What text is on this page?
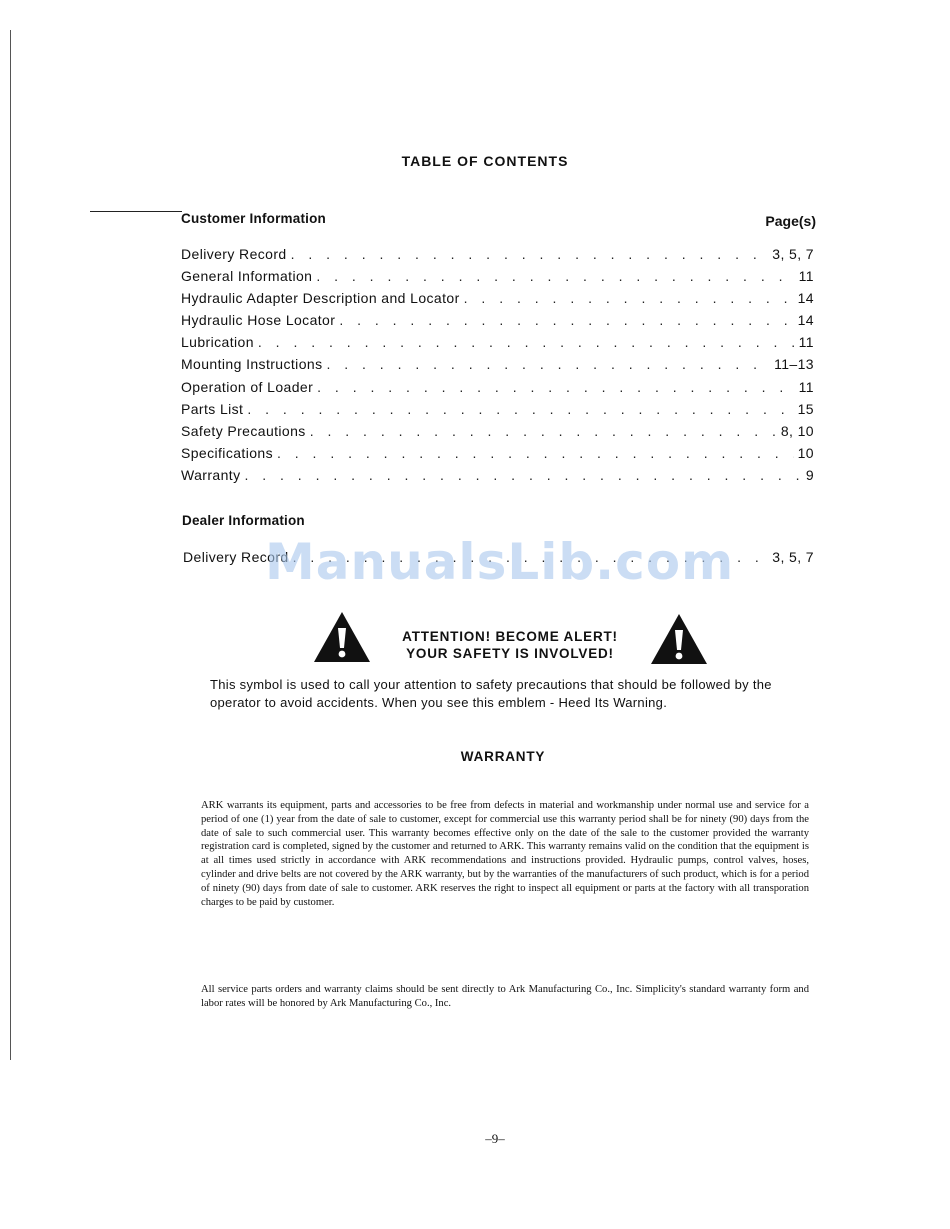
TABLE OF CONTENTS
Customer Information	Page(s)
Delivery Record . . .	3, 5, 7
General Information . . .	11
Hydraulic Adapter Description and Locator . . .	14
Hydraulic Hose Locator . . .	14
Lubrication . . .	11
Mounting Instructions . . .	11–13
Operation of Loader . . .	11
Parts List . . .	15
Safety Precautions . . .	8, 10
Specifications . . .	10
Warranty . . .	9
Dealer Information
Delivery Record . . .	3, 5, 7
ManualsLib.com
ATTENTION! BECOME ALERT!
YOUR SAFETY IS INVOLVED!
This symbol is used to call your attention to safety precautions that should be followed by the operator to avoid accidents. When you see this emblem - Heed Its Warning.
WARRANTY
ARK warrants its equipment, parts and accessories to be free from defects in material and workmanship under normal use and service for a period of one (1) year from the date of sale to customer, except for commercial use this warranty period shall be for ninety (90) days from the date of sale to such commercial user. This warranty becomes effective only on the date of the sale to the customer provided the warranty registration card is completed, signed by the customer and returned to ARK. This warranty remains valid on the condition that the equipment is at all times used strictly in accordance with ARK recommendations and instructions provided. Hydraulic pumps, control valves, hoses, cylinder and drive belts are not covered by the ARK warranty, but by the warranties of the manufacturers of such product, which is for a period of ninety (90) days from date of sale to customer. ARK reserves the right to inspect all equipment or parts at the factory with all transporation charges to be paid by customer.
All service parts orders and warranty claims should be sent directly to Ark Manufacturing Co., Inc. Simplicity's standard warranty form and labor rates will be honored by Ark Manufacturing Co., Inc.
–9–
